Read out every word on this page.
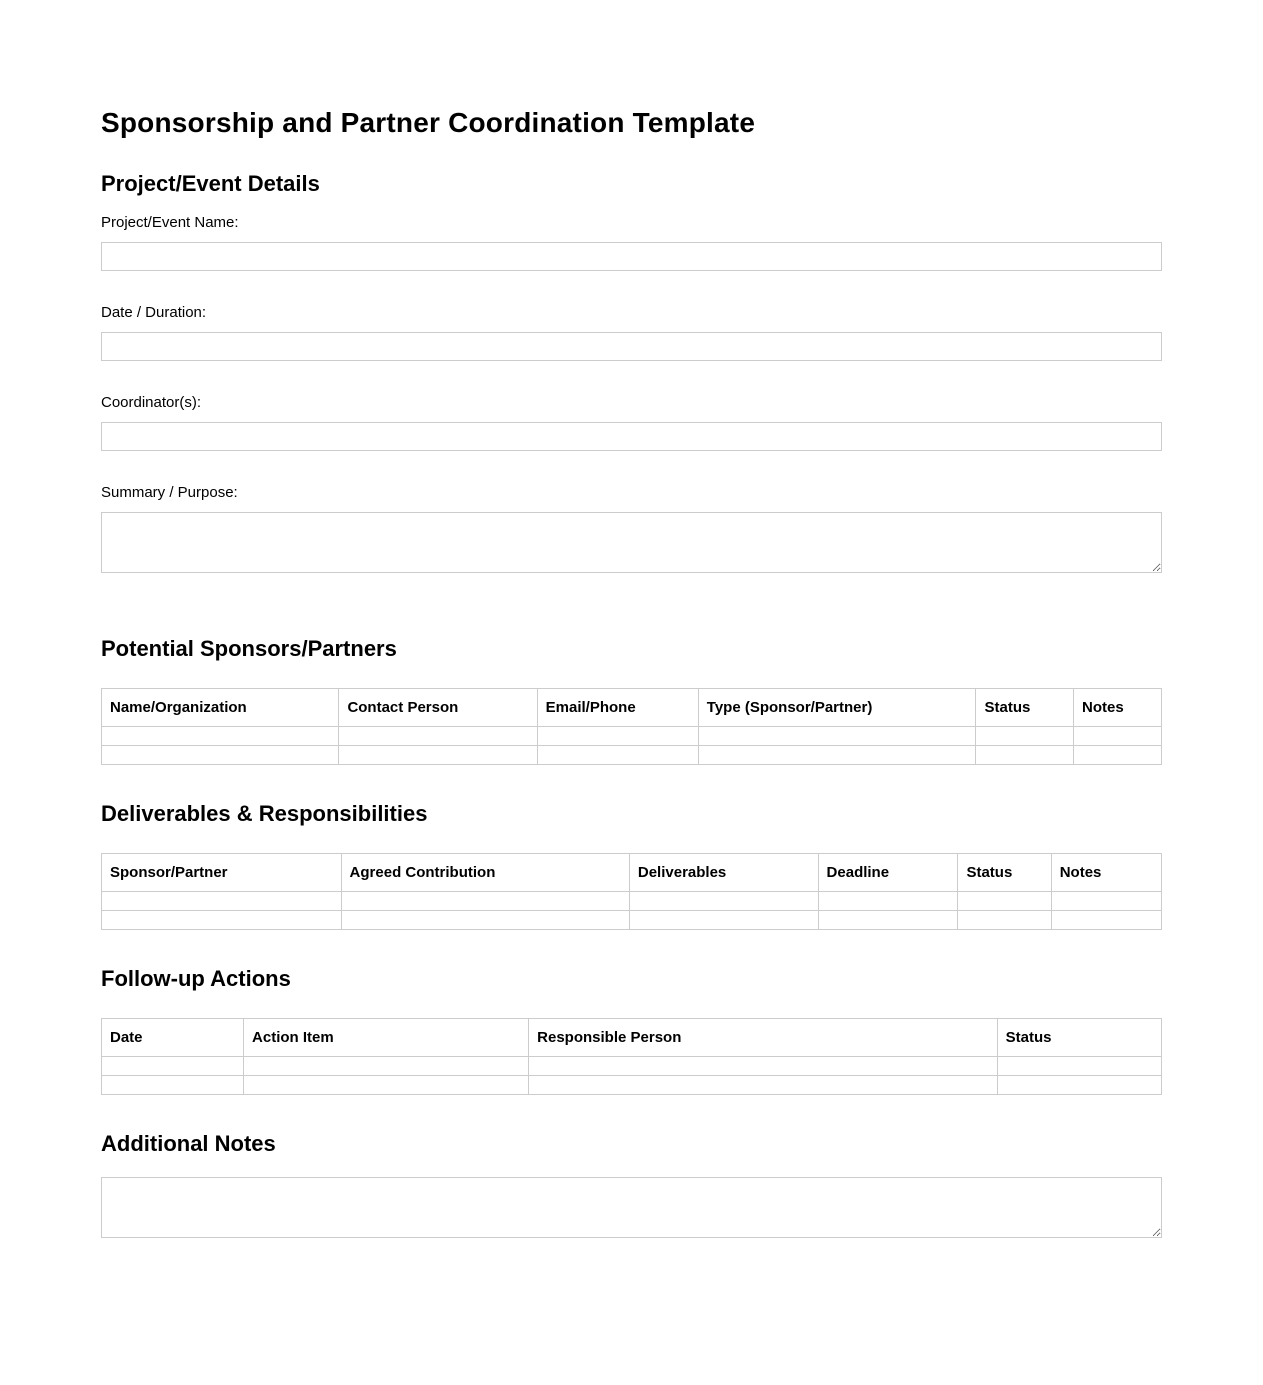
Sponsorship and Partner Coordination Template
Project/Event Details
Project/Event Name:
Date / Duration:
Coordinator(s):
Summary / Purpose:
Potential Sponsors/Partners
Name/Organization	Contact Person	Email/Phone	Type (Sponsor/Partner)	Status	Notes

Deliverables & Responsibilities
Sponsor/Partner	Agreed Contribution	Deliverables	Deadline	Status	Notes

Follow-up Actions
Date	Action Item	Responsible Person	Status

Additional Notes
